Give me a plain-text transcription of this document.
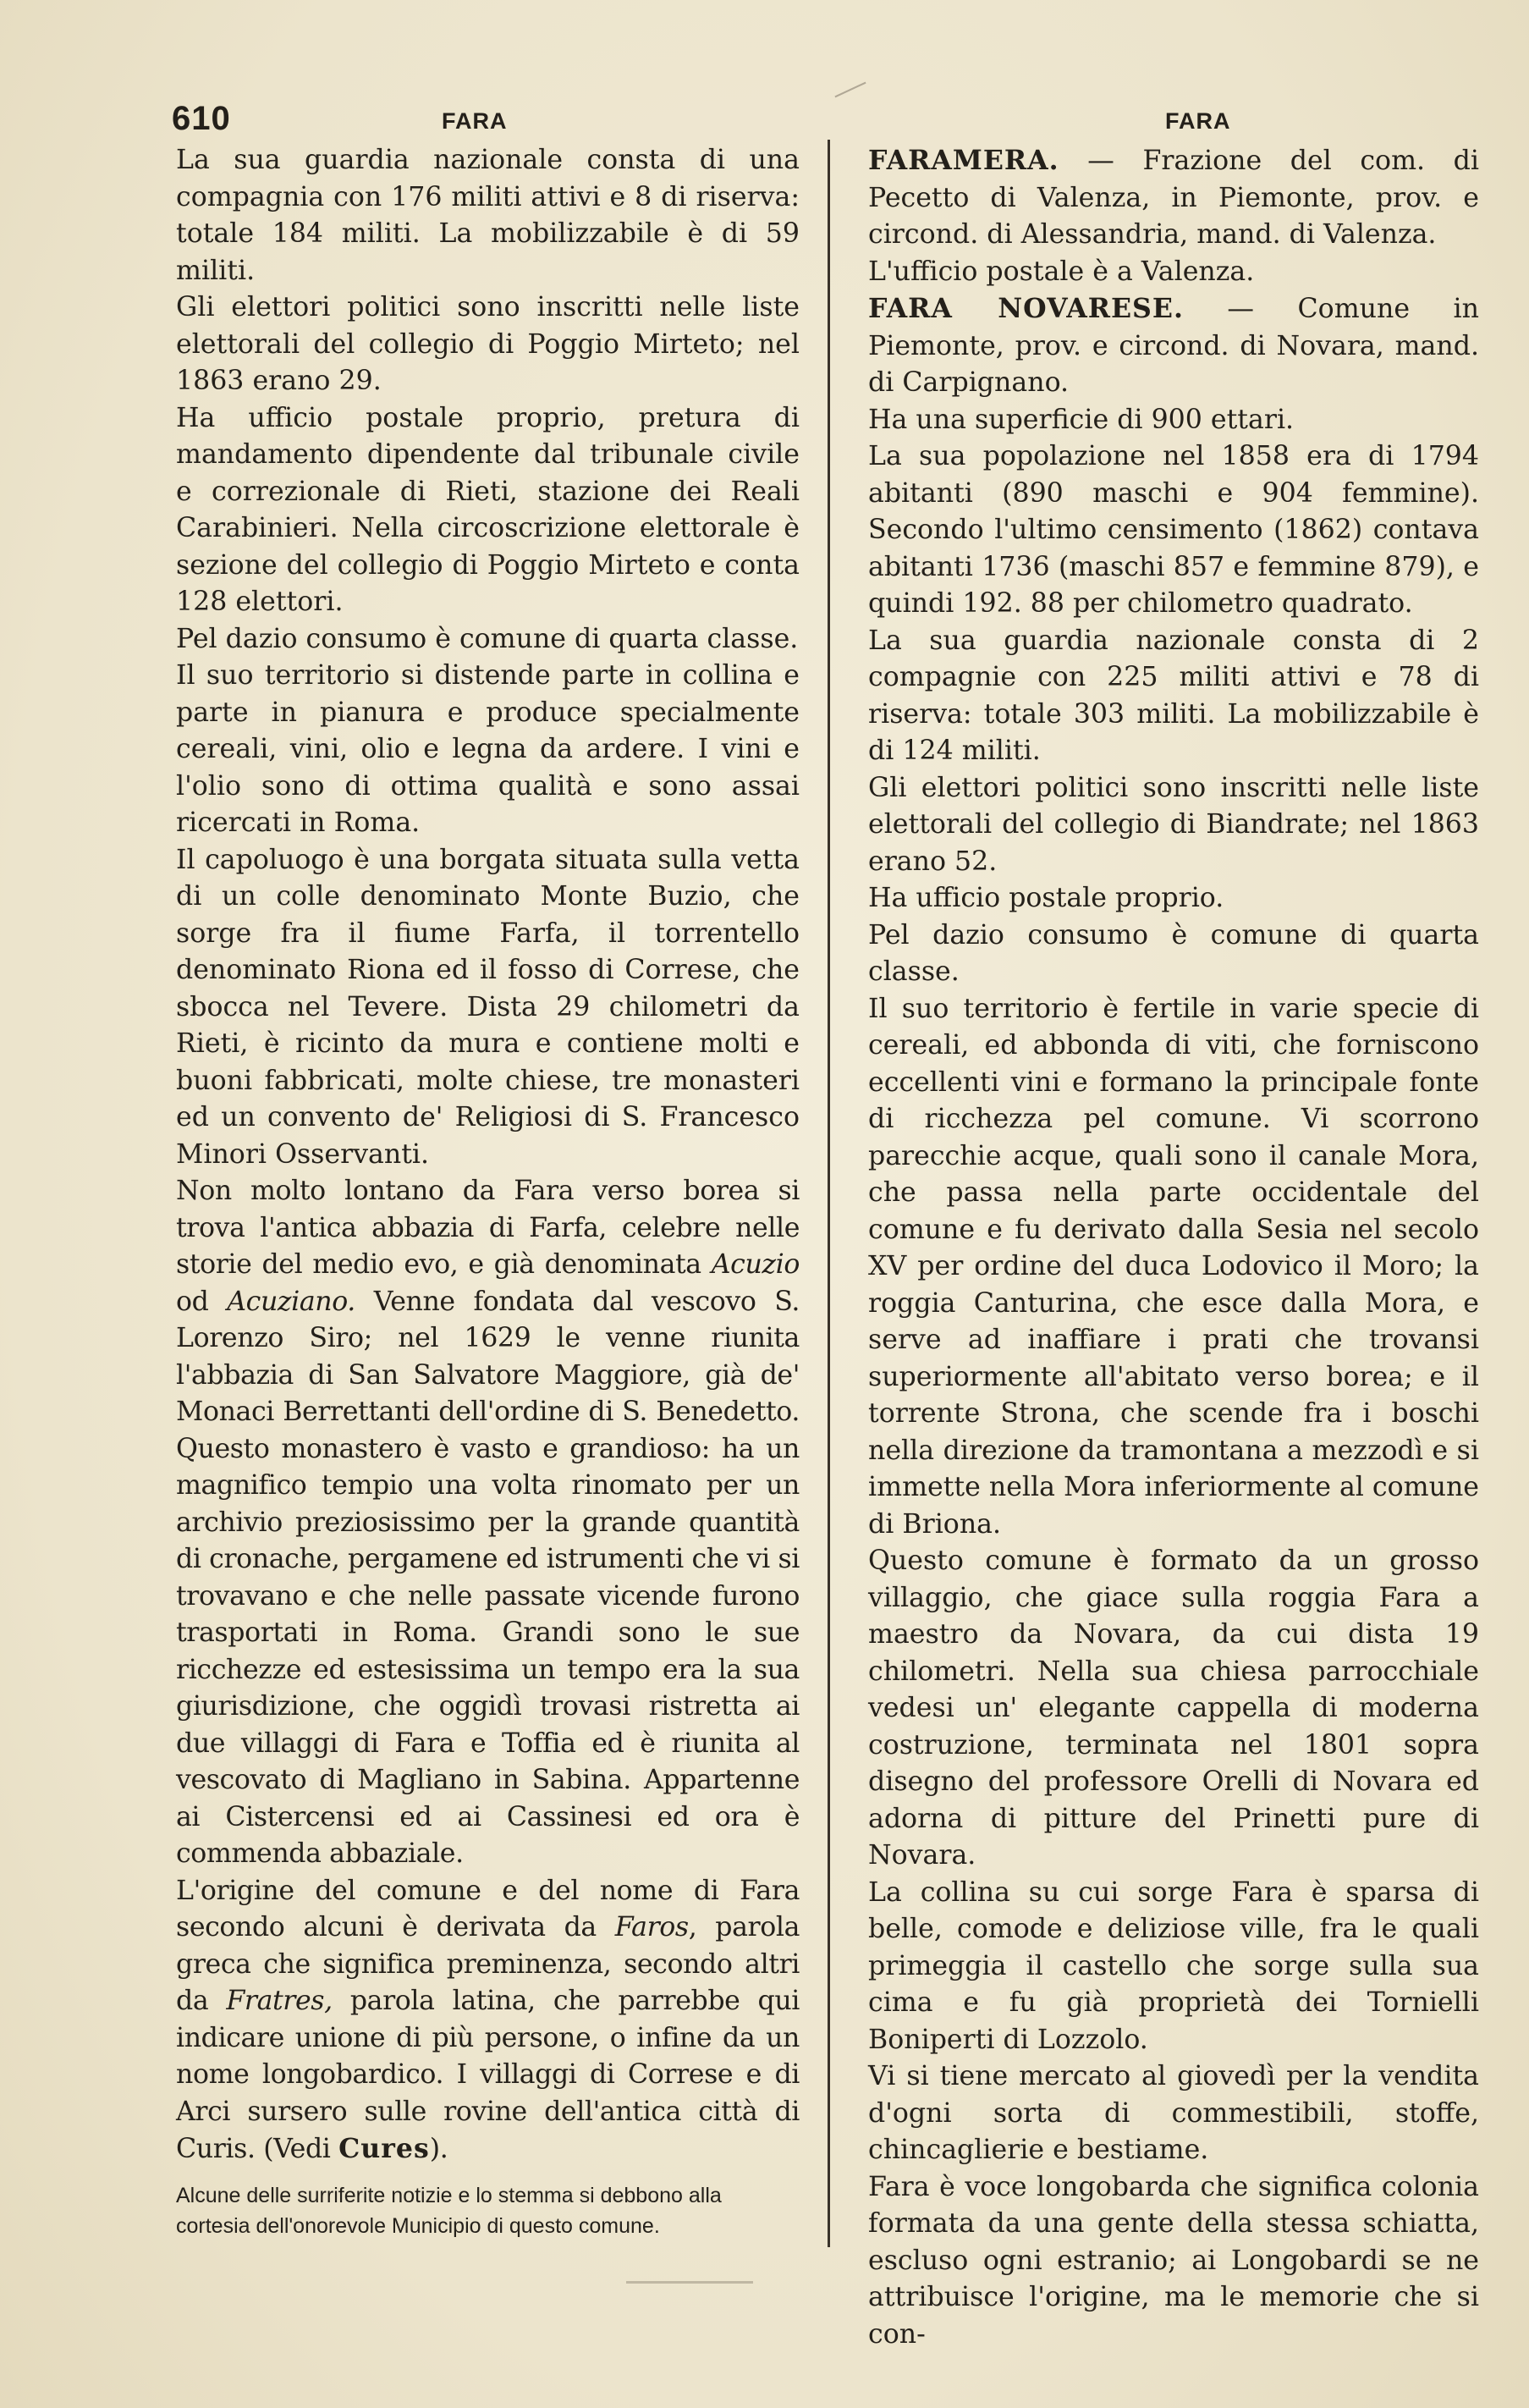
610	FARA	FARA

La sua guardia nazionale consta di una compagnia con 176 militi attivi e 8 di riserva: totale 184 militi. La mobilizzabile è di 59 militi.

Gli elettori politici sono inscritti nelle liste elettorali del collegio di Poggio Mirteto; nel 1863 erano 29.

Ha ufficio postale proprio, pretura di mandamento dipendente dal tribunale civile e correzionale di Rieti, stazione dei Reali Carabinieri. Nella circoscrizione elettorale è sezione del collegio di Poggio Mirteto e conta 128 elettori.

Pel dazio consumo è comune di quarta classe.

Il suo territorio si distende parte in collina e parte in pianura e produce specialmente cereali, vini, olio e legna da ardere. I vini e l'olio sono di ottima qualità e sono assai ricercati in Roma.

Il capoluogo è una borgata situata sulla vetta di un colle denominato Monte Buzio, che sorge fra il fiume Farfa, il torrentello denominato Riona ed il fosso di Correse, che sbocca nel Tevere. Dista 29 chilometri da Rieti, è ricinto da mura e contiene molti e buoni fabbricati, molte chiese, tre monasteri ed un convento de' Religiosi di S. Francesco Minori Osservanti.

Non molto lontano da Fara verso borea si trova l'antica abbazia di Farfa, celebre nelle storie del medio evo, e già denominata Acuzio od Acuziano. Venne fondata dal vescovo S. Lorenzo Siro; nel 1629 le venne riunita l'abbazia di San Salvatore Maggiore, già de' Monaci Berrettanti dell'ordine di S. Benedetto. Questo monastero è vasto e grandioso: ha un magnifico tempio una volta rinomato per un archivio preziosissimo per la grande quantità di cronache, pergamene ed istrumenti che vi si trovavano e che nelle passate vicende furono trasportati in Roma. Grandi sono le sue ricchezze ed estesissima un tempo era la sua giurisdizione, che oggidì trovasi ristretta ai due villaggi di Fara e Toffia ed è riunita al vescovato di Magliano in Sabina. Appartenne ai Cistercensi ed ai Cassinesi ed ora è commenda abbaziale.

L'origine del comune e del nome di Fara secondo alcuni è derivata da Faros, parola greca che significa preminenza, secondo altri da Fratres, parola latina, che parrebbe qui indicare unione di più persone, o infine da un nome longobardico. I villaggi di Correse e di Arci sursero sulle rovine dell'antica città di Curis. (Vedi Cures).

Alcune delle surriferite notizie e lo stemma si debbono alla cortesia dell'onorevole Municipio di questo comune.

FARAMERA. — Frazione del com. di Pecetto di Valenza, in Piemonte, prov. e circond. di Alessandria, mand. di Valenza.

L'ufficio postale è a Valenza.

FARA NOVARESE. — Comune in Piemonte, prov. e circond. di Novara, mand. di Carpignano.

Ha una superficie di 900 ettari.

La sua popolazione nel 1858 era di 1794 abitanti (890 maschi e 904 femmine). Secondo l'ultimo censimento (1862) contava abitanti 1736 (maschi 857 e femmine 879), e quindi 192. 88 per chilometro quadrato.

La sua guardia nazionale consta di 2 compagnie con 225 militi attivi e 78 di riserva: totale 303 militi. La mobilizzabile è di 124 militi.

Gli elettori politici sono inscritti nelle liste elettorali del collegio di Biandrate; nel 1863 erano 52.

Ha ufficio postale proprio.

Pel dazio consumo è comune di quarta classe.

Il suo territorio è fertile in varie specie di cereali, ed abbonda di viti, che forniscono eccellenti vini e formano la principale fonte di ricchezza pel comune. Vi scorrono parecchie acque, quali sono il canale Mora, che passa nella parte occidentale del comune e fu derivato dalla Sesia nel secolo XV per ordine del duca Lodovico il Moro; la roggia Canturina, che esce dalla Mora, e serve ad inaffiare i prati che trovansi superiormente all'abitato verso borea; e il torrente Strona, che scende fra i boschi nella direzione da tramontana a mezzodì e si immette nella Mora inferiormente al comune di Briona.

Questo comune è formato da un grosso villaggio, che giace sulla roggia Fara a maestro da Novara, da cui dista 19 chilometri. Nella sua chiesa parrocchiale vedesi un' elegante cappella di moderna costruzione, terminata nel 1801 sopra disegno del professore Orelli di Novara ed adorna di pitture del Prinetti pure di Novara.

La collina su cui sorge Fara è sparsa di belle, comode e deliziose ville, fra le quali primeggia il castello che sorge sulla sua cima e fu già proprietà dei Tornielli Boniperti di Lozzolo.

Vi si tiene mercato al giovedì per la vendita d'ogni sorta di commestibili, stoffe, chincaglierie e bestiame.

Fara è voce longobarda che significa colonia formata da una gente della stessa schiatta, escluso ogni estranio; ai Longobardi se ne attribuisce l'origine, ma le memorie che si con-
